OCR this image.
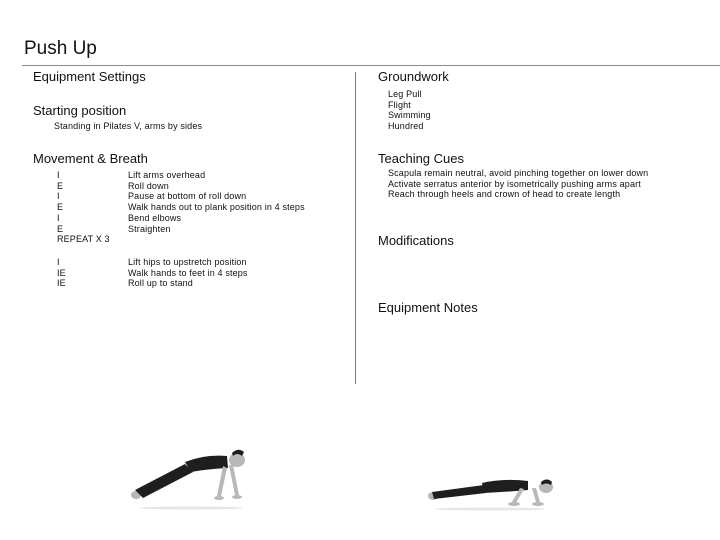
Push Up
Equipment Settings
Starting position
Standing in Pilates V, arms by sides
Movement & Breath
I
E
I
E
I
E
REPEAT X 3
Lift arms overhead
Roll down
Pause at bottom of roll down
Walk hands out to plank position in 4 steps
Bend elbows
Straighten
I
IE
IE
Lift hips to upstretch position
Walk hands to feet in 4 steps
Roll up to stand
Groundwork
Leg Pull
Flight
Swimming
Hundred
Teaching Cues
Scapula remain neutral, avoid pinching together on lower down
Activate serratus anterior by isometrically pushing arms apart
Reach through heels and crown of head to create length
Modifications
Equipment Notes
